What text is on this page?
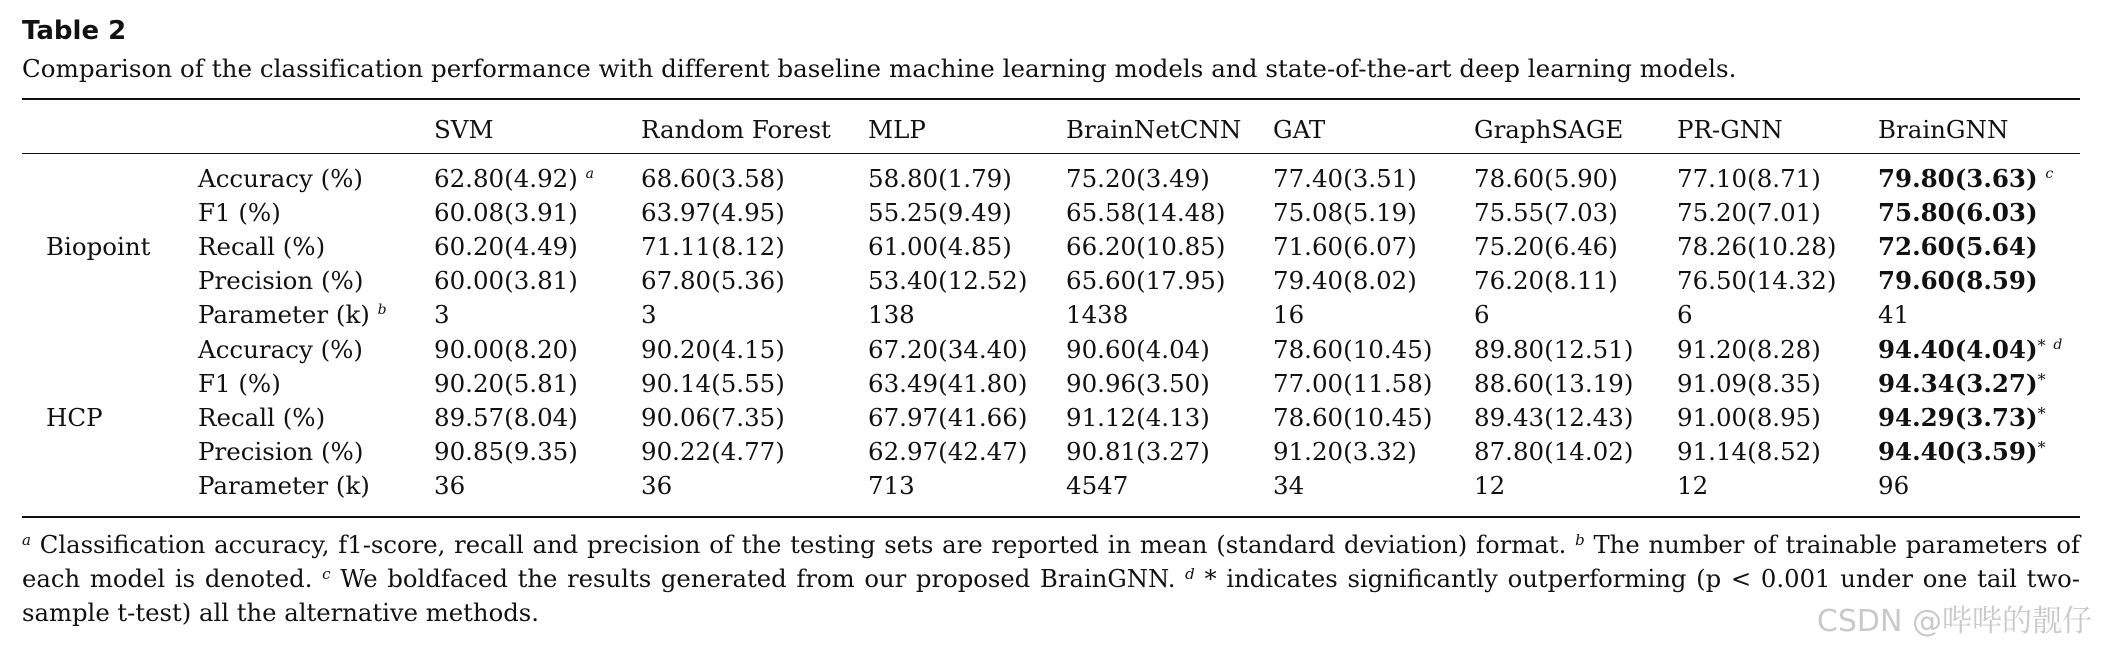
Table 2
Comparison of the classification performance with different baseline machine learning models and state-of-the-art deep learning models.
		SVM	Random Forest	MLP	BrainNetCNN	GAT	GraphSAGE	PR-GNN	BrainGNN

Biopoint	Accuracy (%)	62.80(4.92) $^a$	68.60(3.58)	58.80(1.79)	75.20(3.49)	77.40(3.51)	78.60(5.90)	77.10(8.71)	79.80(3.63) $^c$
	F1 (%)	60.08(3.91)	63.97(4.95)	55.25(9.49)	65.58(14.48)	75.08(5.19)	75.55(7.03)	75.20(7.01)	75.80(6.03)
	Recall (%)	60.20(4.49)	71.11(8.12)	61.00(4.85)	66.20(10.85)	71.60(6.07)	75.20(6.46)	78.26(10.28)	72.60(5.64)
	Precision (%)	60.00(3.81)	67.80(5.36)	53.40(12.52)	65.60(17.95)	79.40(8.02)	76.20(8.11)	76.50(14.32)	79.60(8.59)
	Parameter (k) $^b$	3	3	138	1438	16	6	6	41
HCP	Accuracy (%)	90.00(8.20)	90.20(4.15)	67.20(34.40)	90.60(4.04)	78.60(10.45)	89.80(12.51)	91.20(8.28)	94.40(4.04)* $^d$
	F1 (%)	90.20(5.81)	90.14(5.55)	63.49(41.80)	90.96(3.50)	77.00(11.58)	88.60(13.19)	91.09(8.35)	94.34(3.27)*
	Recall (%)	89.57(8.04)	90.06(7.35)	67.97(41.66)	91.12(4.13)	78.60(10.45)	89.43(12.43)	91.00(8.95)	94.29(3.73)*
	Precision (%)	90.85(9.35)	90.22(4.77)	62.97(42.47)	90.81(3.27)	91.20(3.32)	87.80(14.02)	91.14(8.52)	94.40(3.59)*
	Parameter (k)	36	36	713	4547	34	12	12	96
$^a$ Classification accuracy, f1-score, recall and precision of the testing sets are reported in mean (standard deviation) format. $^b$ The number of trainable parameters of each model is denoted. $^c$ We boldfaced the results generated from our proposed BrainGNN. $^d$ * indicates significantly outperforming (p < 0.001 under one tail two-sample t-test) all the alternative methods.	CSDN @哔哔的靓仔
